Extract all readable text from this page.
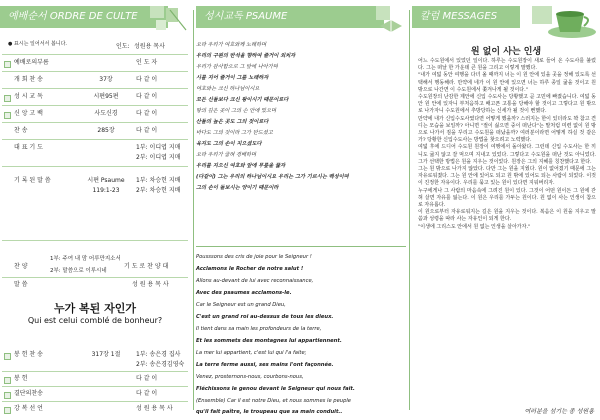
예배순서 ORDRE DE CULTE
● 표시는 일어서서 봅니다.	인도: 성원용 목사
예배로의부름	인 도 자
개 회 찬 송	37장	다 같 이
성 시 교 독	시편95편	다 같 이
신 앙 고 백	사도신경	다 같 이
찬 송	285장	다 같 이
대 표 기 도	1부: 이디엽 지매
2부: 이디엽 지매
기 록 된 말 씀	시편 Psaume	1부: 차승헌 지배
119:1-23	2부: 차승헌 지배
찬 양	기 도 로 찬 양 대
1부: 주여 내 맘 어루만지소서
2부: 말씀으로 이루시네
말 씀	성 원 용 목 사
누가 복된 자인가
Qui est celui comblé de bonheur?
봉 헌 찬 송	317장 1절	1부: 송은경 집사
2부: 송은경김영숙
봉 헌	다 같 이
결단의찬송	다 같 이
강 복 선 언	성 원 용 목 사
성시교독 PSAUME
오라 우리가 여호와께 노래하며
우리의 구원의 반석을 향하여 즐거이 외치자
우리가 감사함으로 그 앞에 나아가며
시를 지어 즐거이 그를 노래하자
여호와는 크신 하나님이시요
모든 신들보다 크신 왕이시기 때문이로다
땅의 깊은 곳이 그의 손 안에 있으며
산들의 높은 곳도 그의 것이로다
바다도 그의 것이라 그가 만드셨고
육지도 그의 손이 지으셨도다
오라 우리가 굽혀 경배하며
우리를 지으신 여호와 앞에 무릎을 꿇자
(다같이) 그는 우리의 하나님이시요 우리는 그가 기르시는 백성이며
그의 손이 돌보시는 양이기 때문이라
Pousssons des cris de joie pour le Seigneur !
Acclamons le Rocher de notre salut !
Allons au-devant de lui avec reconnaissance,
Avec des psaumes acclamons-le.
Car le Seigneur est un grand Dieu,
C'est un grand roi au-dessus de tous les dieux.
Il tient dans sa main les profondeurs de la terre,
Et les sommets des montagnes lui appartiennent.
La mer lui appartient, c'est lui qui l'a faite;
La terre ferme aussi, ses mains l'ont façonnée.
Venez, prosternons-nous, courbons-nous,
Fléchissons le genou devant le Seigneur qui nous fait.
(Ensemble) Car il est notre Dieu, et nous sommes le peuple
qu'il fait paître, le troupeau que sa main conduit..
칼럼 MESSAGES
원 없이 사는 인생
어느 수도원에서 있었던 일이다. 하루는 수도원장이 새로 들어 온 수도사를 불렀다. 그는 떠날 한 가운데 큰 원을 그리고 이렇게 말했다.
"내가 여덟 동안 여행을 다녀 올 때까지 너는 이 원 안에 있을 곳을 정해 있도록 선택해서 행동해라. 만약에 네가 이 원 안에 있으면 너는 하루 종일 굶을 것이고 원 밖으로 나간면 이 수도원에서 쫓겨나게 될 것이다."
수도원장의 난감한 제안에 신입 수도사는 당황했고 곧 고민에 빠졌습니다. 여덟 동안 원 안에 있자니 부처음하고 배고픈 고통을 당해야 할 것이고 그렇다고 원 밖으로 나가자니 수도원에서 추방당하는 신세가 될 것이 뻔했다.
만약에 내가 신입수도사였다면 어떻게 했을까? 스러지는 한이 있더라도 꽉 참고 견디는 모습을 보일까? 아니면 "절이 싫으면 중이 떠난다"는 말처럼 미련 없이 원 밖으로 나가서 짐을 꾸리고 수도원을 떠났을까? 여러분이라면 어떻게 하실 것 같은가? 당황한 신입수도사는 방법을 찾으려고 노력했다.
여덟 후에 드디어 수도원 원장이 여행에서 돌아왔다. 그런데 신입 수도사는 한 끼니도 굶지 않고 잘 먹으며 지내고 있었다. 그렇다고 수도원을 떠난 것도 아니었다. 그가 선택한 방법은 원을 지우는 것이었다. 원장은 그의 지혜를 칭찬했다고 한다.
그는 원 밖으로 나가지 않았다. 다만 그는 원을 지웠다. 원이 없어졌기 때문에 그는 자유로워졌다. 그는 원 안에 있어도 되고 원 밖에 있어도 되는 사람이 되었다. 이것이 진정한 자유이다. 우리를 묶고 있는 원이 있다면 지워버리자.
누구에게나 그 사람의 마음속에 그려진 원이 있다. 그것이 어떤 원이든 그 원에 갇혀 살면 자유를 잃는다. 이 원은 우리를 가두는 원이다. 원 없이 사는 인생이 참으로 자유롭다.
이 원으로부터 자유로워지는 길은 원을 지우는 것이다. 복음은 이 원을 지우고 말씀과 성령을 따라 사는 자유인이 되게 한다.
"이생에 그리스도 안에서 원 없는 인생을 살아가자."
여러분을 섬기는 종 성원용
